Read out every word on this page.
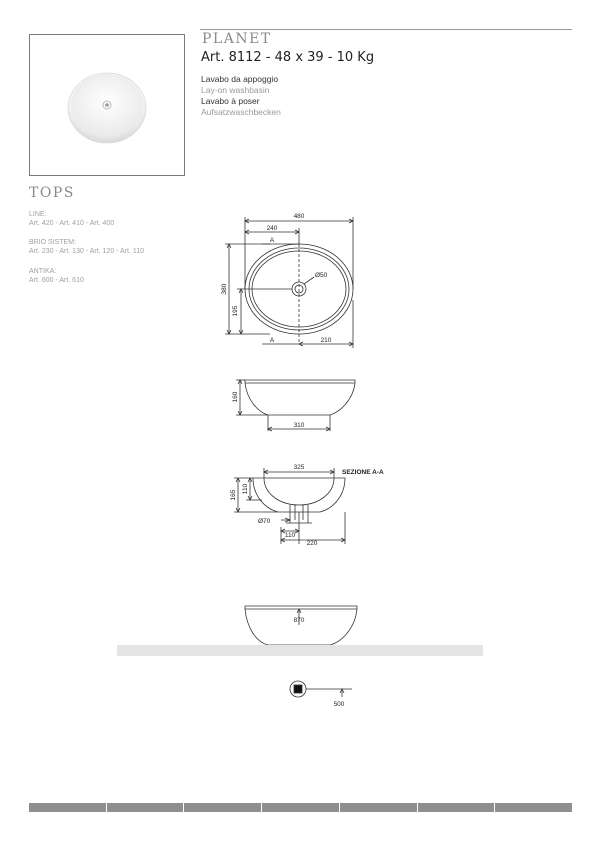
PLANET
Art. 8112 - 48 x 39 - 10 Kg
Lavabo da appoggio
Lay-on washbasin
Lavabo à poser
Aufsatzwaschbecken
TOPS
LINE:
Art. 420 - Art. 410 - Art. 400
BRIO SISTEM:
Art. 230 - Art. 130 - Art. 120 - Art. 110
ANTIKA:
Art. 600 - Art. 610
480
240
A
A	210
Ø50
380
195
160
310
325
SEZIONE A-A
165
110
Ø70
110
220
870
500
